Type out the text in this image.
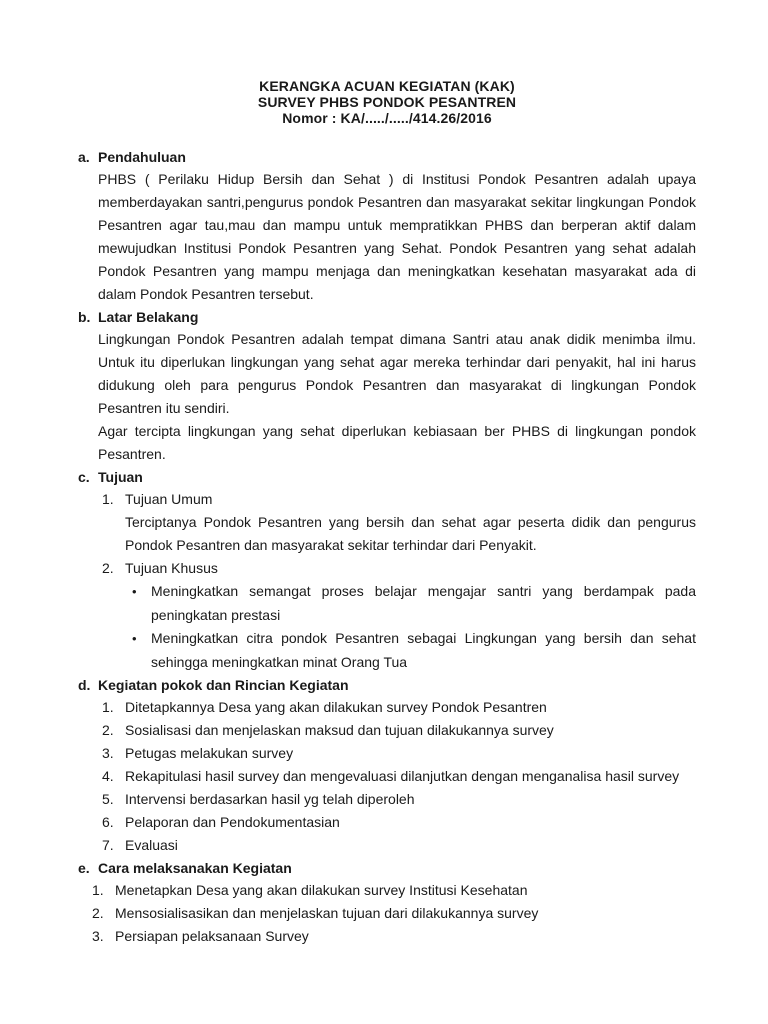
KERANGKA ACUAN KEGIATAN (KAK)
SURVEY PHBS PONDOK PESANTREN
Nomor : KA/...../...../414.26/2016
a. Pendahuluan
PHBS ( Perilaku Hidup Bersih dan Sehat ) di Institusi Pondok Pesantren adalah upaya memberdayakan santri,pengurus pondok Pesantren dan masyarakat sekitar lingkungan Pondok Pesantren agar tau,mau dan mampu untuk mempratikkan PHBS dan berperan aktif dalam mewujudkan Institusi Pondok Pesantren yang Sehat. Pondok Pesantren yang sehat adalah Pondok Pesantren yang mampu menjaga dan meningkatkan kesehatan masyarakat ada di dalam Pondok Pesantren tersebut.
b. Latar Belakang
Lingkungan Pondok Pesantren adalah tempat dimana Santri atau anak didik menimba ilmu. Untuk itu diperlukan lingkungan yang sehat agar mereka terhindar dari penyakit, hal ini harus didukung oleh para pengurus Pondok Pesantren dan masyarakat di lingkungan Pondok Pesantren itu sendiri.
Agar tercipta lingkungan yang sehat diperlukan kebiasaan ber PHBS di lingkungan pondok Pesantren.
c. Tujuan
1. Tujuan Umum
Terciptanya Pondok Pesantren yang bersih dan sehat agar peserta didik dan pengurus Pondok Pesantren dan masyarakat sekitar terhindar dari Penyakit.
2. Tujuan Khusus
• Meningkatkan semangat proses belajar mengajar santri yang berdampak pada peningkatan prestasi
• Meningkatkan citra pondok Pesantren sebagai Lingkungan yang bersih dan sehat sehingga meningkatkan minat Orang Tua
d. Kegiatan pokok dan Rincian Kegiatan
1. Ditetapkannya Desa yang akan dilakukan survey Pondok Pesantren
2. Sosialisasi dan menjelaskan maksud dan tujuan dilakukannya survey
3. Petugas melakukan survey
4. Rekapitulasi hasil survey dan mengevaluasi dilanjutkan dengan menganalisa hasil survey
5. Intervensi berdasarkan hasil yg telah diperoleh
6. Pelaporan dan Pendokumentasian
7. Evaluasi
e. Cara melaksanakan Kegiatan
1. Menetapkan Desa yang akan dilakukan survey Institusi Kesehatan
2. Mensosialisasikan dan menjelaskan tujuan dari dilakukannya survey
3. Persiapan pelaksanaan Survey
